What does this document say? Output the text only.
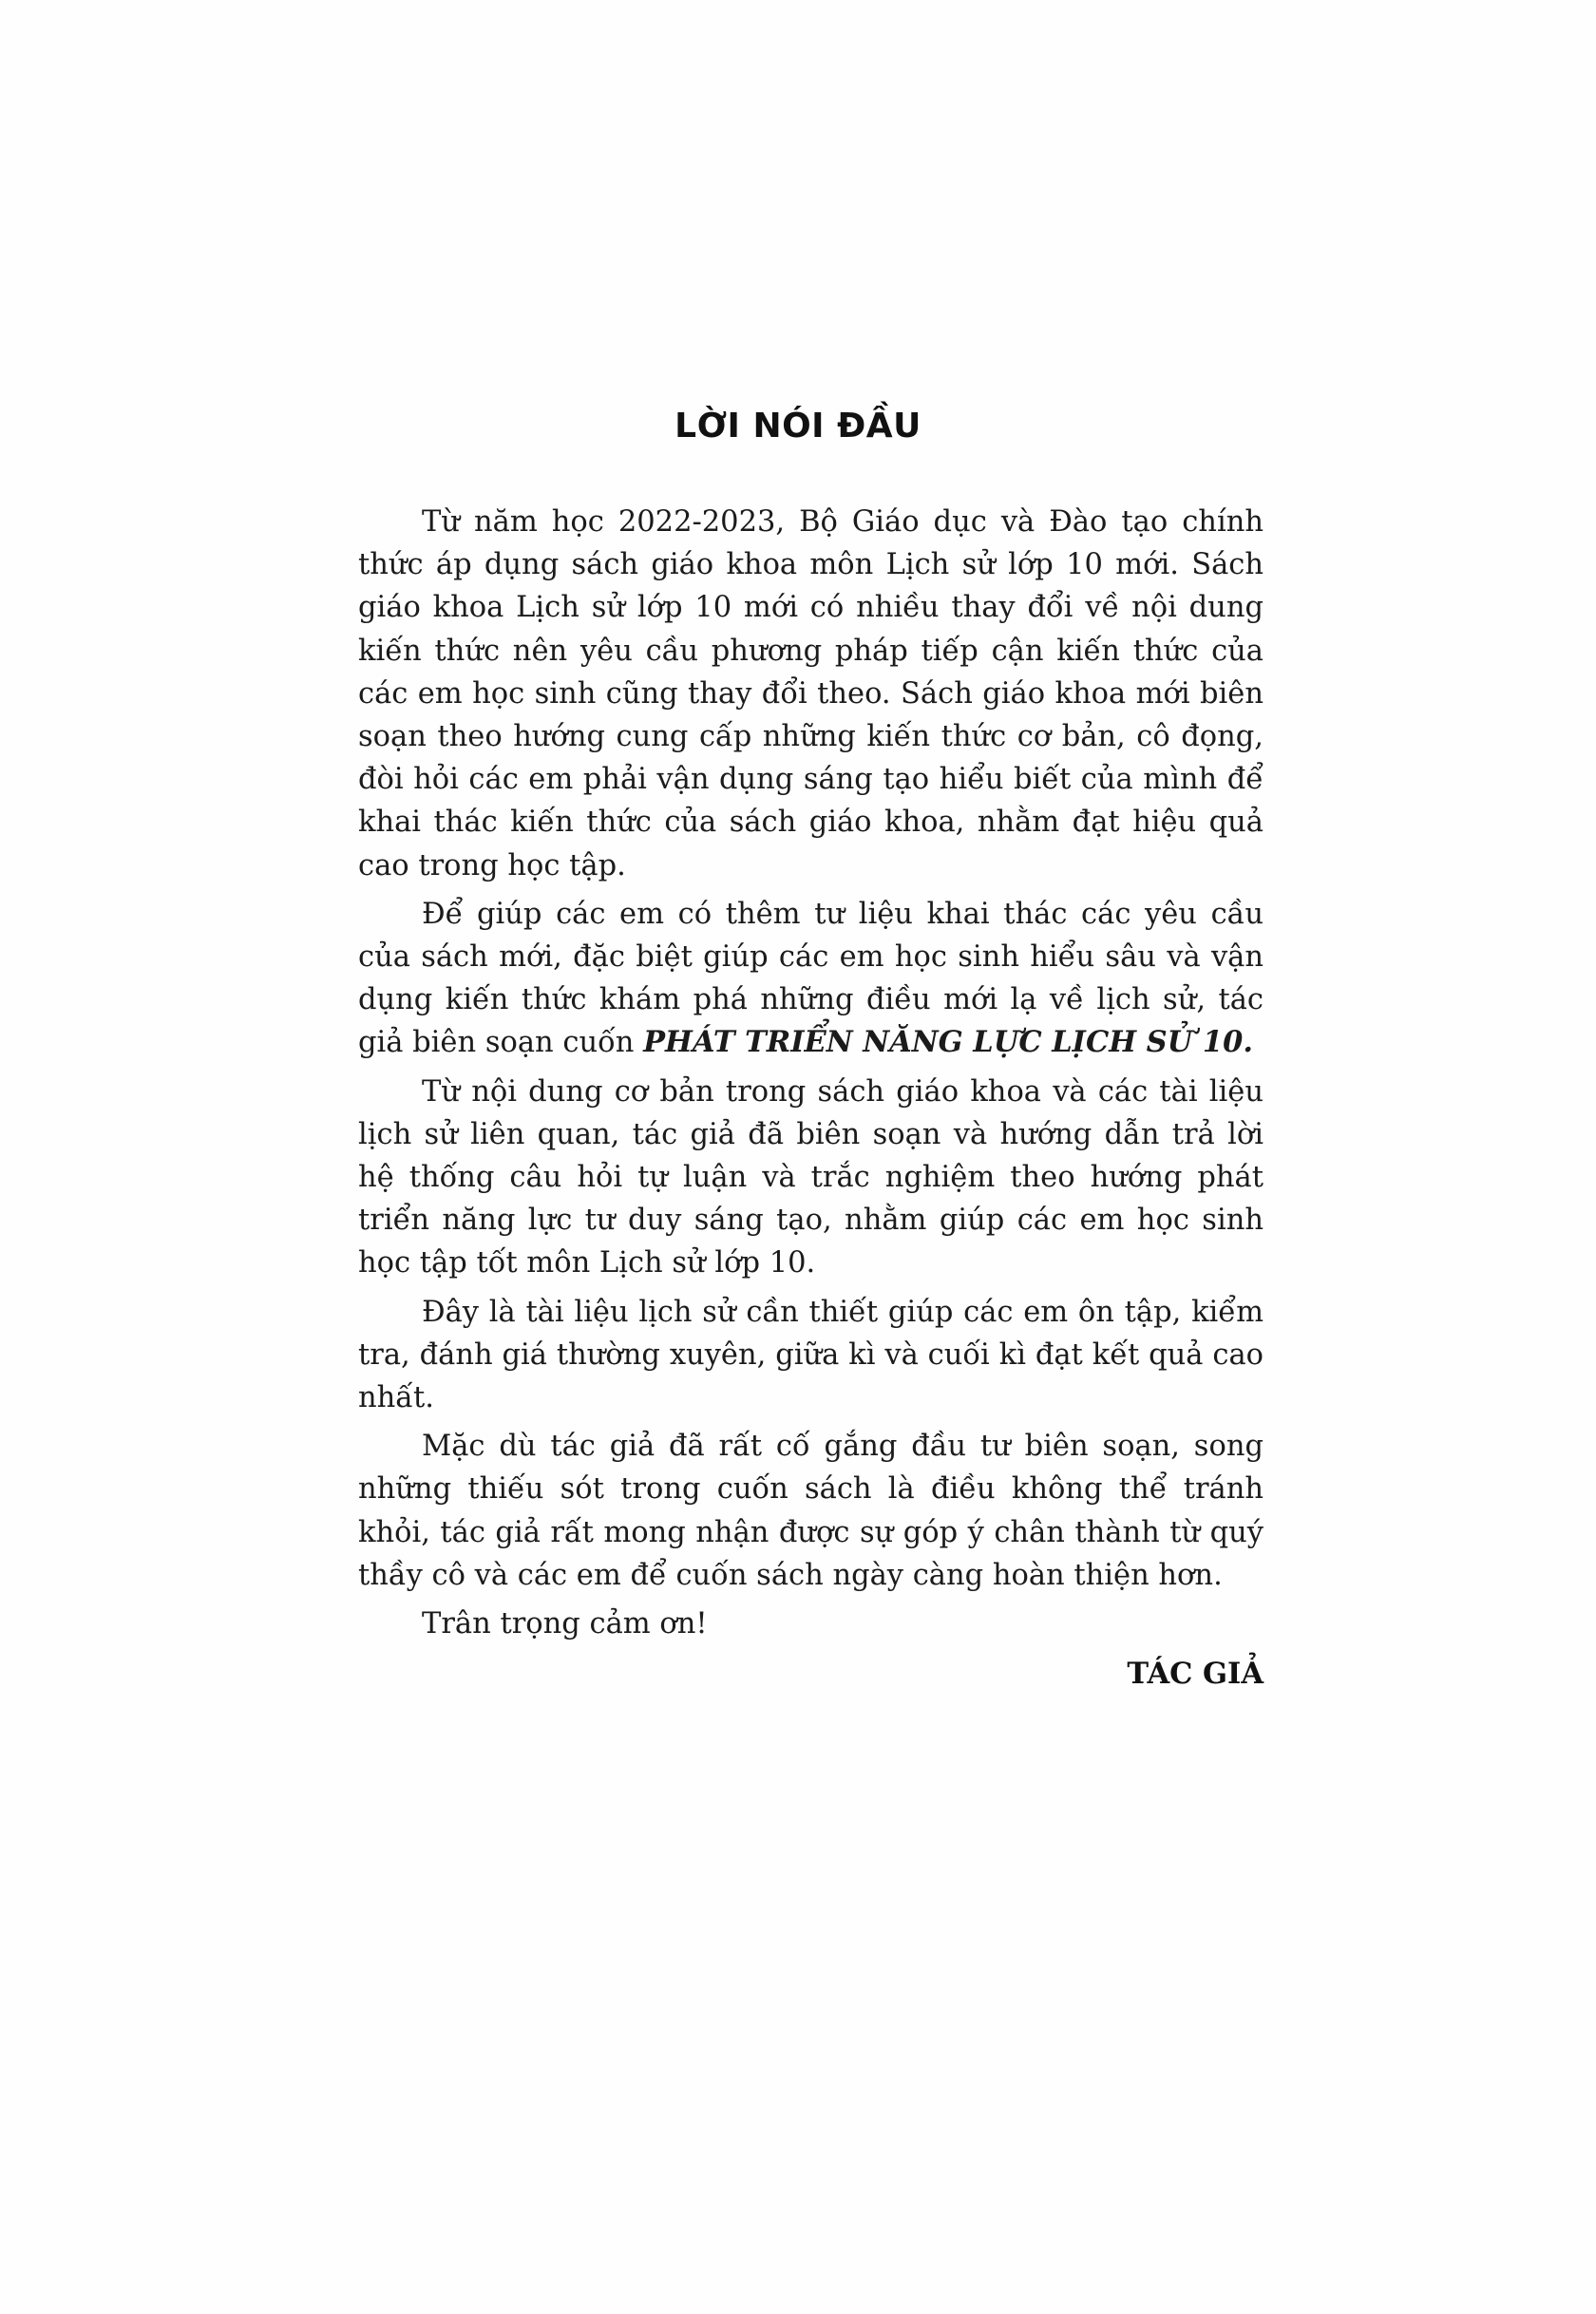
LỜI NÓI ĐẦU

Từ năm học 2022-2023, Bộ Giáo dục và Đào tạo chính thức áp dụng sách giáo khoa môn Lịch sử lớp 10 mới. Sách giáo khoa Lịch sử lớp 10 mới có nhiều thay đổi về nội dung kiến thức nên yêu cầu phương pháp tiếp cận kiến thức của các em học sinh cũng thay đổi theo. Sách giáo khoa mới biên soạn theo hướng cung cấp những kiến thức cơ bản, cô đọng, đòi hỏi các em phải vận dụng sáng tạo hiểu biết của mình để khai thác kiến thức của sách giáo khoa, nhằm đạt hiệu quả cao trong học tập.

Để giúp các em có thêm tư liệu khai thác các yêu cầu của sách mới, đặc biệt giúp các em học sinh hiểu sâu và vận dụng kiến thức khám phá những điều mới lạ về lịch sử, tác giả biên soạn cuốn PHÁT TRIỂN NĂNG LỰC LỊCH SỬ 10.

Từ nội dung cơ bản trong sách giáo khoa và các tài liệu lịch sử liên quan, tác giả đã biên soạn và hướng dẫn trả lời hệ thống câu hỏi tự luận và trắc nghiệm theo hướng phát triển năng lực tư duy sáng tạo, nhằm giúp các em học sinh học tập tốt môn Lịch sử lớp 10.

Đây là tài liệu lịch sử cần thiết giúp các em ôn tập, kiểm tra, đánh giá thường xuyên, giữa kì và cuối kì đạt kết quả cao nhất.

Mặc dù tác giả đã rất cố gắng đầu tư biên soạn, song những thiếu sót trong cuốn sách là điều không thể tránh khỏi, tác giả rất mong nhận được sự góp ý chân thành từ quý thầy cô và các em để cuốn sách ngày càng hoàn thiện hơn.

Trân trọng cảm ơn!

TÁC GIẢ
